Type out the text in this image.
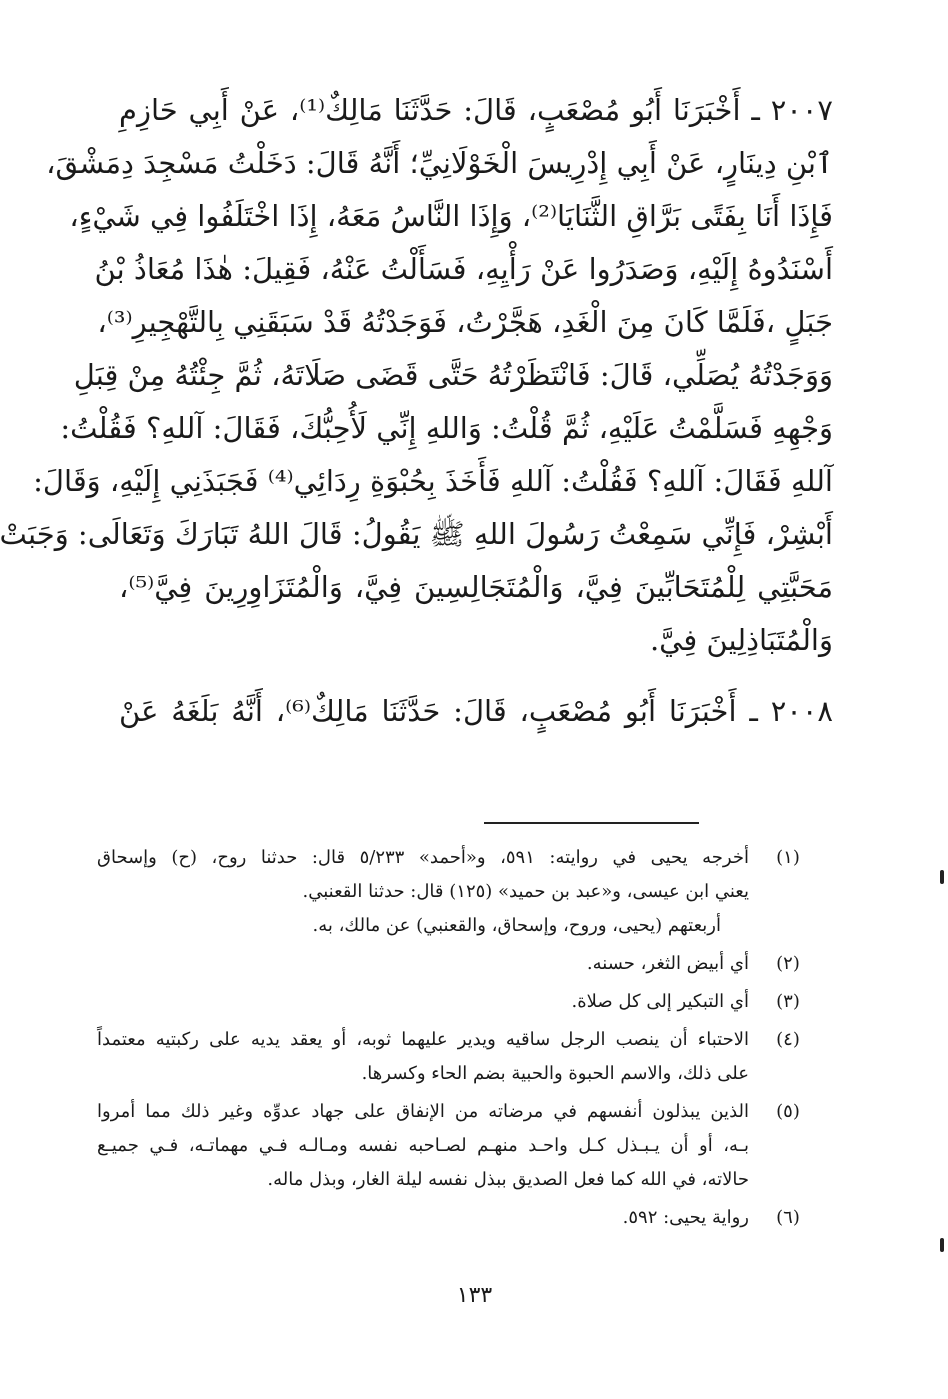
٢٠٠٧ ـ أَخْبَرَنَا أَبُو مُصْعَبٍ، قَالَ: حَدَّثَنَا مَالِكٌ⁽¹⁾، عَنْ أَبِي حَازِمِ
ٱبْنِ دِينَارٍ، عَنْ أَبِي إِدْرِيسَ الْخَوْلَانِيِّ؛ أَنَّهُ قَالَ: دَخَلْتُ مَسْجِدَ دِمَشْقَ،
فَإِذَا أَنَا بِفَتًى بَرَّاقِ الثَّنَايَا⁽²⁾، وَإِذَا النَّاسُ مَعَهُ، إِذَا اخْتَلَفُوا فِي شَيْءٍ،
أَسْنَدُوهُ إِلَيْهِ، وَصَدَرُوا عَنْ رَأْيِهِ، فَسَأَلْتُ عَنْهُ، فَقِيلَ: هٰذَا مُعَاذُ بْنُ
جَبَلٍ ،فَلَمَّا كَانَ مِنَ الْغَدِ، هَجَّرْتُ، فَوَجَدْتُهُ قَدْ سَبَقَنِي بِالتَّهْجِيرِ⁽³⁾،
وَوَجَدْتُهُ يُصَلِّي، قَالَ: فَانْتَظَرْتُهُ حَتَّى قَضَى صَلَاتَهُ، ثُمَّ جِئْتُهُ مِنْ قِبَلِ
وَجْهِهِ فَسَلَّمْتُ عَلَيْهِ، ثُمَّ قُلْتُ: وَاللهِ إِنِّي لَأُحِبُّكَ، فَقَالَ: آللهِ؟ فَقُلْتُ:
آللهِ فَقَالَ: آللهِ؟ فَقُلْتُ: آللهِ فَأَخَذَ بِحُبْوَةِ رِدَائِي⁽⁴⁾ فَجَبَذَنِي إِلَيْهِ، وَقَالَ:
أَبْشِرْ، فَإِنِّي سَمِعْتُ رَسُولَ اللهِ ﷺ يَقُولُ: قَالَ اللهُ تَبَارَكَ وَتَعَالَى: وَجَبَتْ
مَحَبَّتِي لِلْمُتَحَابِّينَ فِيَّ، وَالْمُتَجَالِسِينَ فِيَّ، وَالْمُتَزَاوِرِينَ فِيَّ⁽⁵⁾،
وَالْمُتَبَاذِلِينَ فِيَّ.
٢٠٠٨ ـ أَخْبَرَنَا أَبُو مُصْعَبٍ، قَالَ: حَدَّثَنَا مَالِكٌ⁽⁶⁾، أَنَّهُ بَلَغَهُ عَنْ
(١)
أخرجه يحيى في روايته: ٥٩١، و«أحمد» ٥/٢٣٣ قال: حدثنا روح، (ح) وإسحاق
يعني ابن عيسى، و«عبد بن حميد» (١٢٥) قال: حدثنا القعنبي.
أربعتهم (يحيى، وروح، وإسحاق، والقعنبي) عن مالك، به.
(٢)
أي أبيض الثغر، حسنه.
(٣)
أي التبكير إلى كل صلاة.
(٤)
الاحتباء أن ينصب الرجل ساقيه ويدير عليهما ثوبه، أو يعقد يديه على ركبتيه معتمداً
على ذلك، والاسم الحبوة والحبية بضم الحاء وكسرها.
(٥)
الذين يبذلون أنفسهم في مرضاته من الإنفاق على جهاد عدوِّه وغير ذلك مما أمروا
بـه، أو أن يـبـذل كـل واحـد منهـم لصـاحبه نفسه ومـالـه فـي مهماتـه، فـي جميـع
حالاته، في الله كما فعل الصديق ببذل نفسه ليلة الغار، وبذل ماله.
(٦)
رواية يحيى: ٥٩٢.
١٣٣
